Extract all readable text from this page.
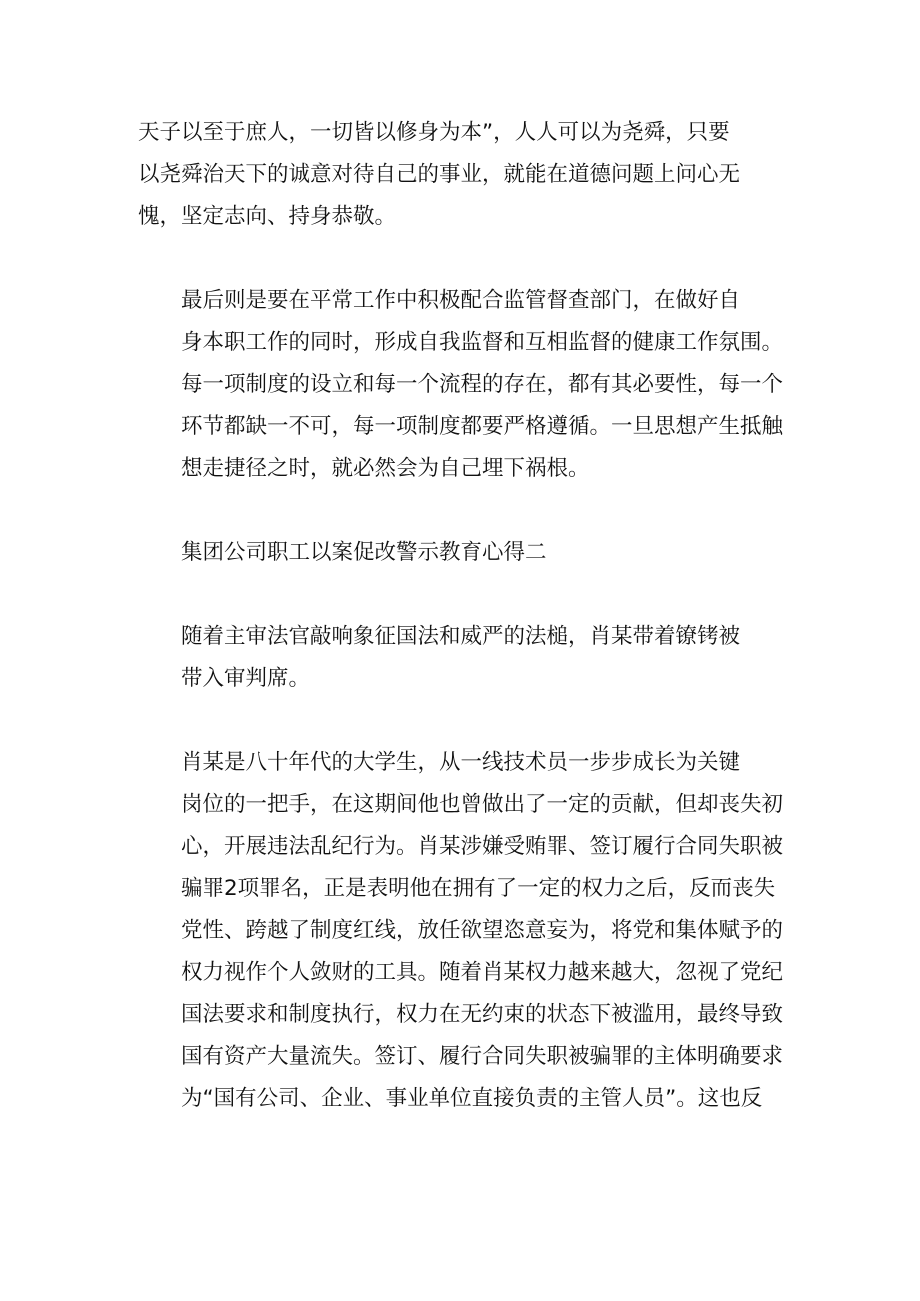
天子以至于庶人，一切皆以修身为本”，人人可以为尧舜，只要
以尧舜治天下的诚意对待自己的事业，就能在道德问题上问心无
愧，坚定志向、持身恭敬。

最后则是要在平常工作中积极配合监管督查部门，在做好自
身本职工作的同时，形成自我监督和互相监督的健康工作氛围。
每一项制度的设立和每一个流程的存在，都有其必要性，每一个
环节都缺一不可，每一项制度都要严格遵循。一旦思想产生抵触
想走捷径之时，就必然会为自己埋下祸根。

集团公司职工以案促改警示教育心得二

随着主审法官敲响象征国法和威严的法槌，肖某带着镣铐被
带入审判席。

肖某是八十年代的大学生，从一线技术员一步步成长为关键
岗位的一把手，在这期间他也曾做出了一定的贡献，但却丧失初
心，开展违法乱纪行为。肖某涉嫌受贿罪、签订履行合同失职被
骗罪2项罪名，正是表明他在拥有了一定的权力之后，反而丧失
党性、跨越了制度红线，放任欲望恣意妄为，将党和集体赋予的
权力视作个人敛财的工具。随着肖某权力越来越大，忽视了党纪
国法要求和制度执行，权力在无约束的状态下被滥用，最终导致
国有资产大量流失。签订、履行合同失职被骗罪的主体明确要求
为“国有公司、企业、事业单位直接负责的主管人员”。这也反
